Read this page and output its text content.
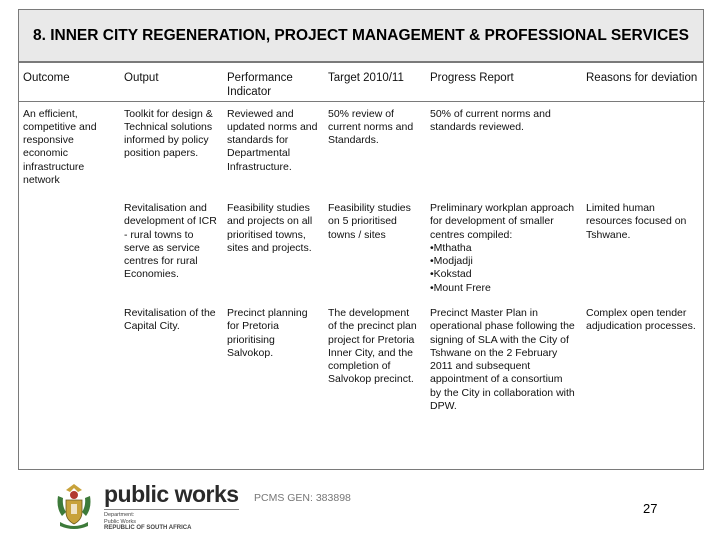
8. INNER CITY REGENERATION, PROJECT MANAGEMENT & PROFESSIONAL SERVICES
Outcome	Output	Performance Indicator	Target 2010/11	Progress Report	Reasons for deviation
An efficient, competitive and responsive economic infrastructure network	Toolkit for design & Technical solutions informed by policy position papers.	Reviewed and updated norms and standards for Departmental Infrastructure.	50% review of current norms and Standards.	50% of current norms and standards reviewed.	
	Revitalisation and development of ICR - rural towns to serve as service centres for rural Economies.	Feasibility studies and projects on all prioritised towns, sites and projects.	Feasibility studies on 5 prioritised towns / sites	Preliminary workplan approach for development of smaller centres compiled:
•Mthatha
•Modjadji
•Kokstad
•Mount Frere	Limited human resources focused on Tshwane.
	Revitalisation of the Capital City.	Precinct planning for Pretoria prioritising Salvokop.	The development of the precinct plan project for Pretoria Inner City, and the completion of Salvokop precinct.	Precinct Master Plan in operational phase following the signing of SLA with the City of Tshwane on the 2 February 2011 and subsequent appointment of a consortium by the City in collaboration with DPW.	Complex open tender adjudication processes.
public works
Department:
Public Works
REPUBLIC OF SOUTH AFRICA
PCMS GEN: 383898
27
